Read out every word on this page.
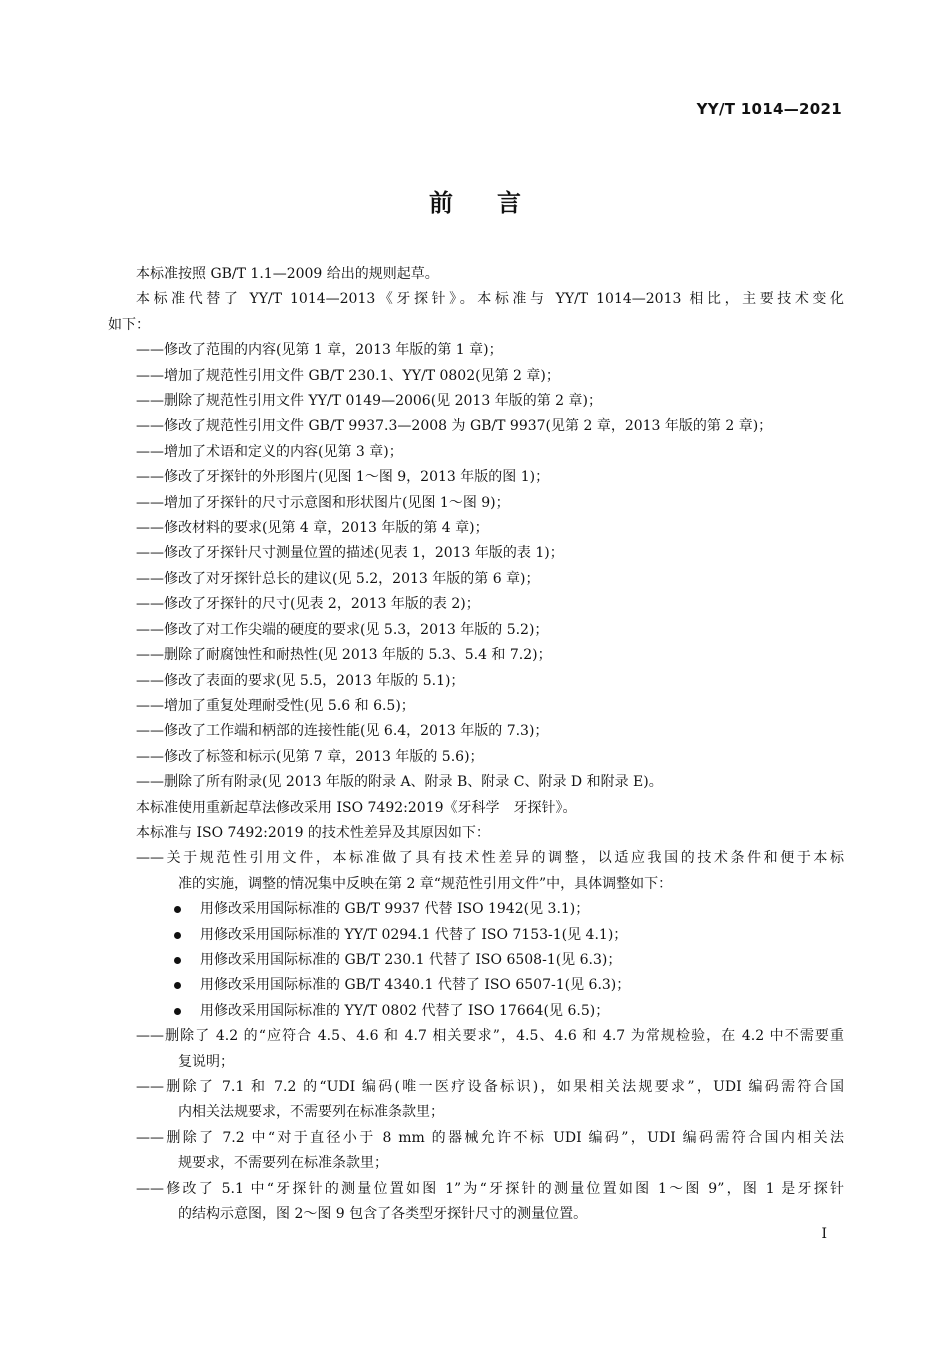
YY/T 1014—2021
前言

本标准按照 GB/T 1.1—2009 给出的规则起草。

本标准代替了 YY/T 1014—2013《牙探针》。本标准与 YY/T 1014—2013 相比，主要技术变化

如下：

——修改了范围的内容(见第 1 章，2013 年版的第 1 章)；

——增加了规范性引用文件 GB/T 230.1、YY/T 0802(见第 2 章)；

——删除了规范性引用文件 YY/T 0149—2006(见 2013 年版的第 2 章)；

——修改了规范性引用文件 GB/T 9937.3—2008 为 GB/T 9937(见第 2 章，2013 年版的第 2 章)；

——增加了术语和定义的内容(见第 3 章)；

——修改了牙探针的外形图片(见图 1～图 9，2013 年版的图 1)；

——增加了牙探针的尺寸示意图和形状图片(见图 1～图 9)；

——修改材料的要求(见第 4 章，2013 年版的第 4 章)；

——修改了牙探针尺寸测量位置的描述(见表 1，2013 年版的表 1)；

——修改了对牙探针总长的建议(见 5.2，2013 年版的第 6 章)；

——修改了牙探针的尺寸(见表 2，2013 年版的表 2)；

——修改了对工作尖端的硬度的要求(见 5.3，2013 年版的 5.2)；

——删除了耐腐蚀性和耐热性(见 2013 年版的 5.3、5.4 和 7.2)；

——修改了表面的要求(见 5.5，2013 年版的 5.1)；

——增加了重复处理耐受性(见 5.6 和 6.5)；

——修改了工作端和柄部的连接性能(见 6.4，2013 年版的 7.3)；

——修改了标签和标示(见第 7 章，2013 年版的 5.6)；

——删除了所有附录(见 2013 年版的附录 A、附录 B、附录 C、附录 D 和附录 E)。

本标准使用重新起草法修改采用 ISO 7492:2019《牙科学　牙探针》。

本标准与 ISO 7492:2019 的技术性差异及其原因如下：

——关于规范性引用文件，本标准做了具有技术性差异的调整，以适应我国的技术条件和便于本标

准的实施，调整的情况集中反映在第 2 章“规范性引用文件”中，具体调整如下：

用修改采用国际标准的 GB/T 9937 代替 ISO 1942(见 3.1)；

用修改采用国际标准的 YY/T 0294.1 代替了 ISO 7153-1(见 4.1)；

用修改采用国际标准的 GB/T 230.1 代替了 ISO 6508-1(见 6.3)；

用修改采用国际标准的 GB/T 4340.1 代替了 ISO 6507-1(见 6.3)；

用修改采用国际标准的 YY/T 0802 代替了 ISO 17664(见 6.5)；

——删除了 4.2 的“应符合 4.5、4.6 和 4.7 相关要求”，4.5、4.6 和 4.7 为常规检验，在 4.2 中不需要重

复说明；

——删除了 7.1 和 7.2 的“UDI 编码(唯一医疗设备标识)，如果相关法规要求”，UDI 编码需符合国

内相关法规要求，不需要列在标准条款里；

——删除了 7.2 中“对于直径小于 8 mm 的器械允许不标 UDI 编码”，UDI 编码需符合国内相关法

规要求，不需要列在标准条款里；

——修改了 5.1 中“牙探针的测量位置如图 1”为“牙探针的测量位置如图 1～图 9”，图 1 是牙探针

的结构示意图，图 2～图 9 包含了各类型牙探针尺寸的测量位置。

I
